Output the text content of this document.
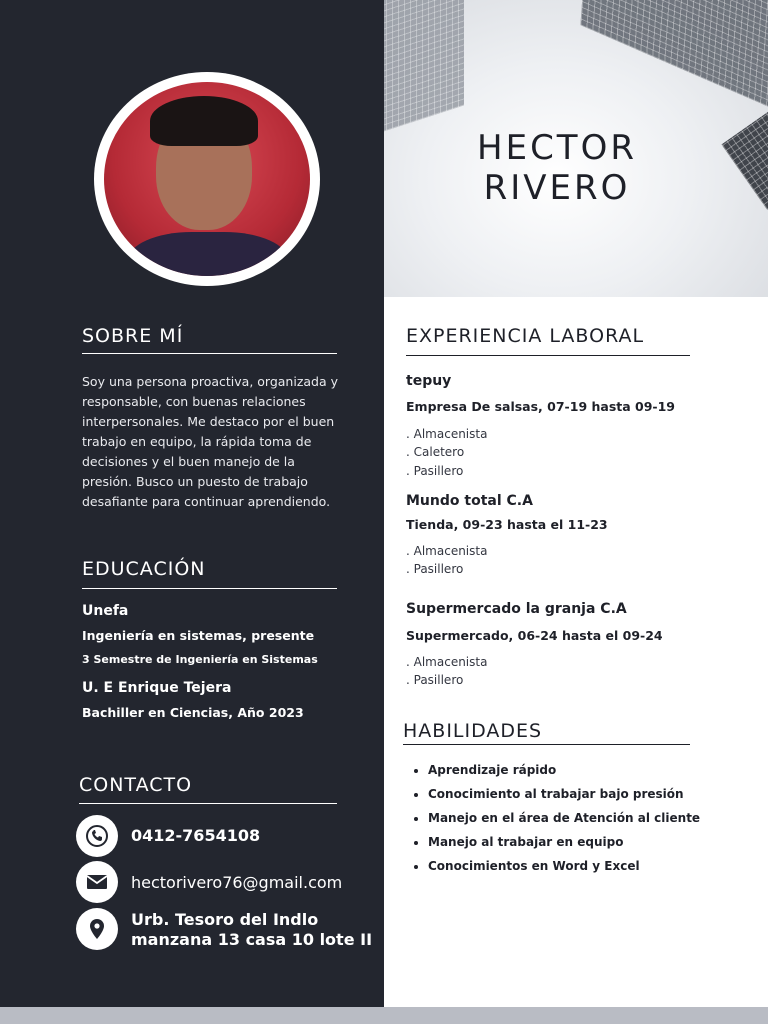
HECTOR
RIVERO
SOBRE MÍ
Soy una persona proactiva, organizada y responsable, con buenas relaciones interpersonales. Me destaco por el buen trabajo en equipo, la rápida toma de decisiones y el buen manejo de la presión. Busco un puesto de trabajo desafiante para continuar aprendiendo.
EDUCACIÓN
Unefa
Ingeniería en sistemas, presente
3 Semestre de Ingeniería en Sistemas
U. E Enrique Tejera
Bachiller en Ciencias, Año 2023
CONTACTO
0412-7654108
hectorivero76@gmail.com
Urb. Tesoro del Indlo
manzana 13 casa 10 lote II
EXPERIENCIA LABORAL
tepuy
Empresa De salsas, 07-19 hasta 09-19
. Almacenista
. Caletero
. Pasillero
Mundo total C.A
Tienda, 09-23 hasta el 11-23
. Almacenista
. Pasillero
Supermercado la granja C.A
Supermercado, 06-24 hasta el 09-24
. Almacenista
. Pasillero
HABILIDADES
• Aprendizaje rápido
• Conocimiento al trabajar bajo presión
• Manejo en el área de Atención al cliente
• Manejo al trabajar en equipo
• Conocimientos en Word y Excel
